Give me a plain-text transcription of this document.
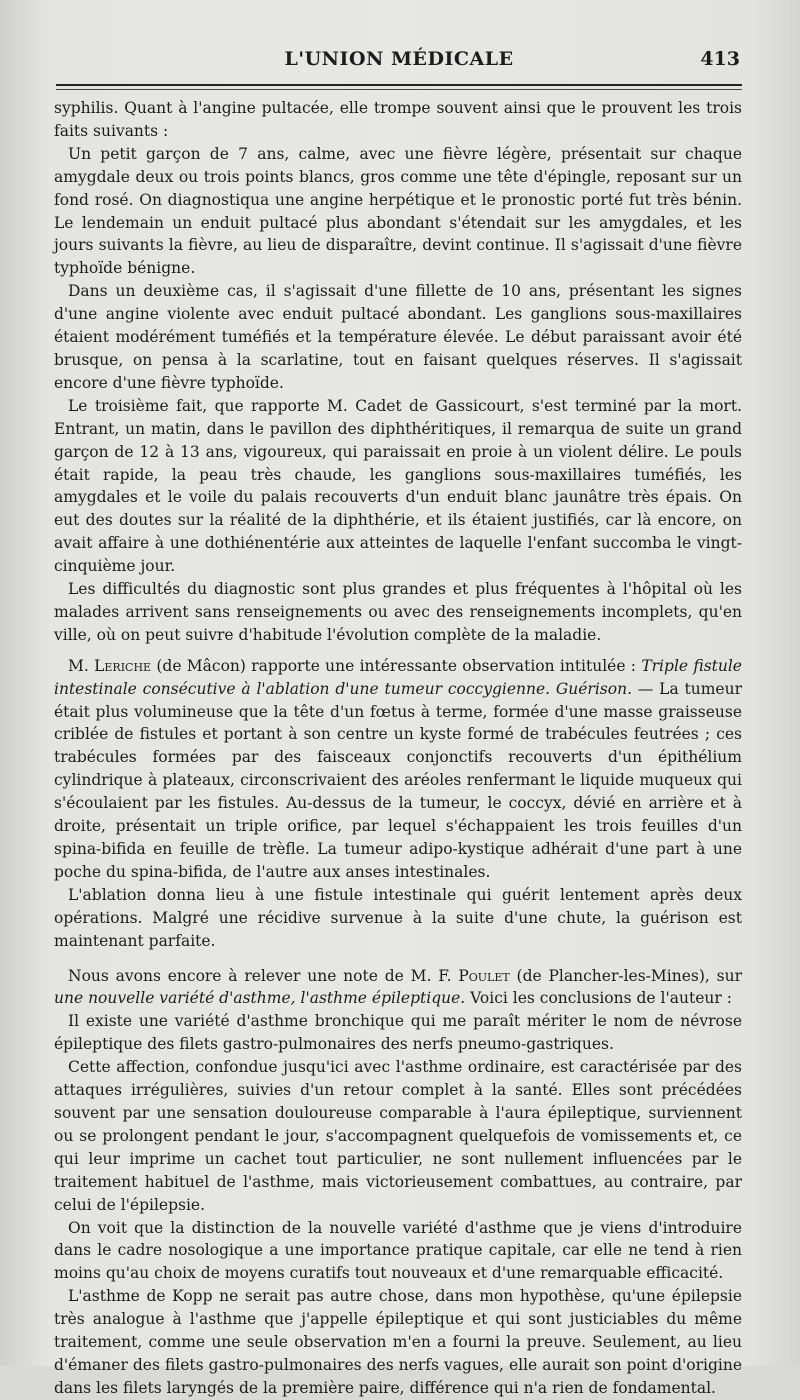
L'UNION MÉDICALE	413

syphilis. Quant à l'angine pultacée, elle trompe souvent ainsi que le prouvent les trois faits suivants :

Un petit garçon de 7 ans, calme, avec une fièvre légère, présentait sur chaque amygdale deux ou trois points blancs, gros comme une tête d'épingle, reposant sur un fond rosé. On diagnostiqua une angine herpétique et le pronostic porté fut très bénin. Le lendemain un enduit pultacé plus abondant s'étendait sur les amygdales, et les jours suivants la fièvre, au lieu de disparaître, devint continue. Il s'agissait d'une fièvre typhoïde bénigne.

Dans un deuxième cas, il s'agissait d'une fillette de 10 ans, présentant les signes d'une angine violente avec enduit pultacé abondant. Les ganglions sous-maxillaires étaient modérément tuméfiés et la température élevée. Le début paraissant avoir été brusque, on pensa à la scarlatine, tout en faisant quelques réserves. Il s'agissait encore d'une fièvre typhoïde.

Le troisième fait, que rapporte M. Cadet de Gassicourt, s'est terminé par la mort. Entrant, un matin, dans le pavillon des diphthéritiques, il remarqua de suite un grand garçon de 12 à 13 ans, vigoureux, qui paraissait en proie à un violent délire. Le pouls était rapide, la peau très chaude, les ganglions sous-maxillaires tuméfiés, les amygdales et le voile du palais recouverts d'un enduit blanc jaunâtre très épais. On eut des doutes sur la réalité de la diphthérie, et ils étaient justifiés, car là encore, on avait affaire à une dothiénentérie aux atteintes de laquelle l'enfant succomba le vingt-cinquième jour.

Les difficultés du diagnostic sont plus grandes et plus fréquentes à l'hôpital où les malades arrivent sans renseignements ou avec des renseignements incomplets, qu'en ville, où on peut suivre d'habitude l'évolution complète de la maladie.

M. Leriche (de Mâcon) rapporte une intéressante observation intitulée : Triple fistule intestinale consécutive à l'ablation d'une tumeur coccygienne. Guérison. — La tumeur était plus volumineuse que la tête d'un fœtus à terme, formée d'une masse graisseuse criblée de fistules et portant à son centre un kyste formé de trabécules feutrées ; ces trabécules formées par des faisceaux conjonctifs recouverts d'un épithélium cylindrique à plateaux, circonscrivaient des aréoles renfermant le liquide muqueux qui s'écoulaient par les fistules. Au-dessus de la tumeur, le coccyx, dévié en arrière et à droite, présentait un triple orifice, par lequel s'échappaient les trois feuilles d'un spina-bifida en feuille de trèfle. La tumeur adipo-kystique adhérait d'une part à une poche du spina-bifida, de l'autre aux anses intestinales.

L'ablation donna lieu à une fistule intestinale qui guérit lentement après deux opérations. Malgré une récidive survenue à la suite d'une chute, la guérison est maintenant parfaite.

Nous avons encore à relever une note de M. F. Poulet (de Plancher-les-Mines), sur une nouvelle variété d'asthme, l'asthme épileptique. Voici les conclusions de l'auteur :

Il existe une variété d'asthme bronchique qui me paraît mériter le nom de névrose épileptique des filets gastro-pulmonaires des nerfs pneumo-gastriques.

Cette affection, confondue jusqu'ici avec l'asthme ordinaire, est caractérisée par des attaques irrégulières, suivies d'un retour complet à la santé. Elles sont précédées souvent par une sensation douloureuse comparable à l'aura épileptique, surviennent ou se prolongent pendant le jour, s'accompagnent quelquefois de vomissements et, ce qui leur imprime un cachet tout particulier, ne sont nullement influencées par le traitement habituel de l'asthme, mais victorieusement combattues, au contraire, par celui de l'épilepsie.

On voit que la distinction de la nouvelle variété d'asthme que je viens d'introduire dans le cadre nosologique a une importance pratique capitale, car elle ne tend à rien moins qu'au choix de moyens curatifs tout nouveaux et d'une remarquable efficacité.

L'asthme de Kopp ne serait pas autre chose, dans mon hypothèse, qu'une épilepsie très analogue à l'asthme que j'appelle épileptique et qui sont justiciables du même traitement, comme une seule observation m'en a fourni la preuve. Seulement, au lieu d'émaner des filets gastro-pulmonaires des nerfs vagues, elle aurait son point d'origine dans les filets laryngés de la première paire, différence qui n'a rien de fondamental.
